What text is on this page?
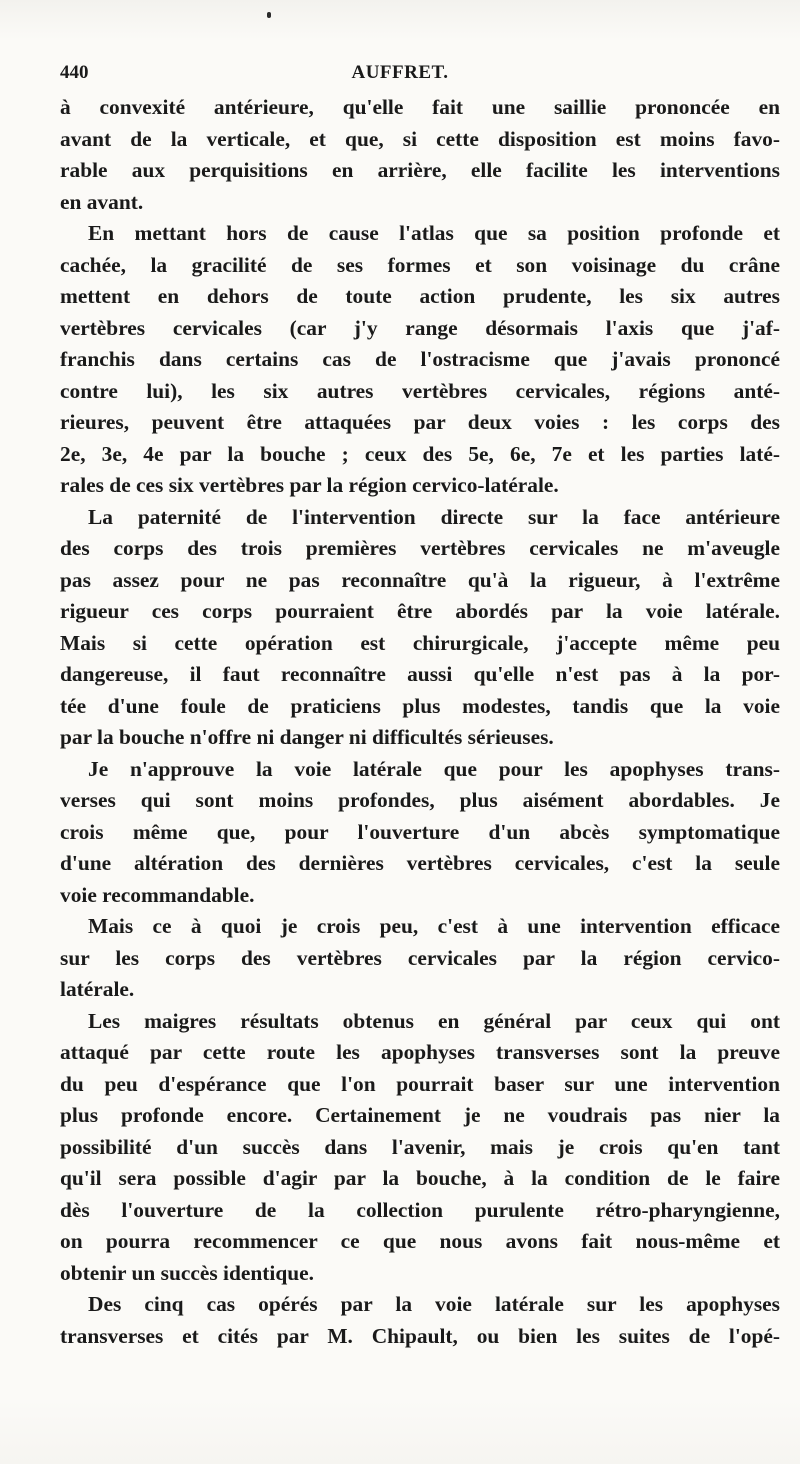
440	AUFFRET.

à convexité antérieure, qu'elle fait une saillie prononcée en
avant de la verticale, et que, si cette disposition est moins favo-
rable aux perquisitions en arrière, elle facilite les interventions
en avant.

En mettant hors de cause l'atlas que sa position profonde et
cachée, la gracilité de ses formes et son voisinage du crâne
mettent en dehors de toute action prudente, les six autres
vertèbres cervicales (car j'y range désormais l'axis que j'af-
franchis dans certains cas de l'ostracisme que j'avais prononcé
contre lui), les six autres vertèbres cervicales, régions anté-
rieures, peuvent être attaquées par deux voies : les corps des
2e, 3e, 4e par la bouche ; ceux des 5e, 6e, 7e et les parties laté-
rales de ces six vertèbres par la région cervico-latérale.

La paternité de l'intervention directe sur la face antérieure
des corps des trois premières vertèbres cervicales ne m'aveugle
pas assez pour ne pas reconnaître qu'à la rigueur, à l'extrême
rigueur ces corps pourraient être abordés par la voie latérale.
Mais si cette opération est chirurgicale, j'accepte même peu
dangereuse, il faut reconnaître aussi qu'elle n'est pas à la por-
tée d'une foule de praticiens plus modestes, tandis que la voie
par la bouche n'offre ni danger ni difficultés sérieuses.

Je n'approuve la voie latérale que pour les apophyses trans-
verses qui sont moins profondes, plus aisément abordables. Je
crois même que, pour l'ouverture d'un abcès symptomatique
d'une altération des dernières vertèbres cervicales, c'est la seule
voie recommandable.

Mais ce à quoi je crois peu, c'est à une intervention efficace
sur les corps des vertèbres cervicales par la région cervico-
latérale.

Les maigres résultats obtenus en général par ceux qui ont
attaqué par cette route les apophyses transverses sont la preuve
du peu d'espérance que l'on pourrait baser sur une intervention
plus profonde encore. Certainement je ne voudrais pas nier la
possibilité d'un succès dans l'avenir, mais je crois qu'en tant
qu'il sera possible d'agir par la bouche, à la condition de le faire
dès l'ouverture de la collection purulente rétro-pharyngienne,
on pourra recommencer ce que nous avons fait nous-même et
obtenir un succès identique.

Des cinq cas opérés par la voie latérale sur les apophyses
transverses et cités par M. Chipault, ou bien les suites de l'opé-
